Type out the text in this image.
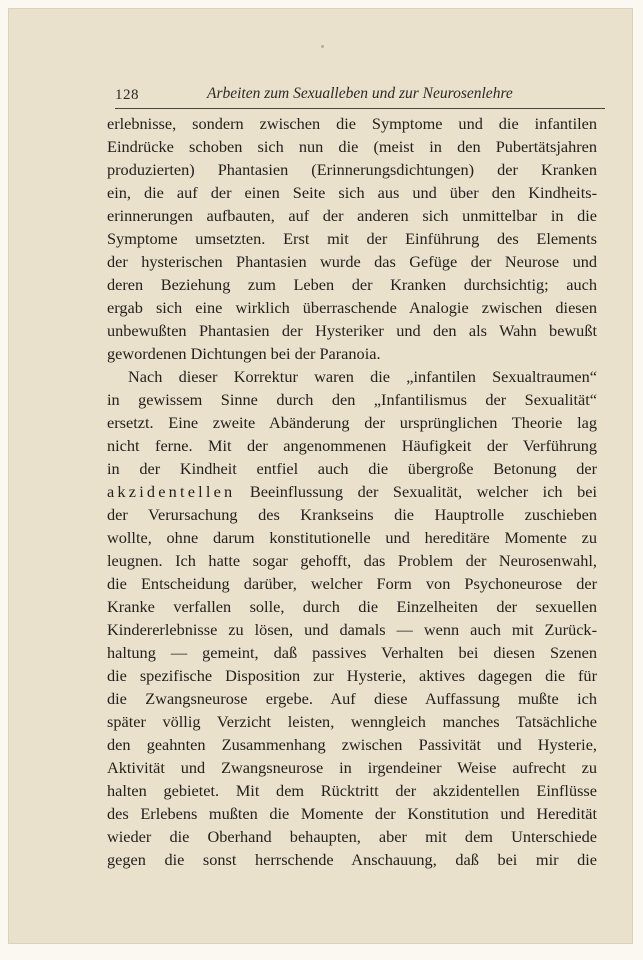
128	Arbeiten zum Sexualleben und zur Neurosenlehre
erlebnisse, sondern zwischen die Symptome und die infantilen
Eindrücke schoben sich nun die (meist in den Pubertätsjahren
produzierten) Phantasien (Erinnerungsdichtungen) der Kranken
ein, die auf der einen Seite sich aus und über den Kindheits-
erinnerungen aufbauten, auf der anderen sich unmittelbar in die
Symptome umsetzten. Erst mit der Einführung des Elements
der hysterischen Phantasien wurde das Gefüge der Neurose und
deren Beziehung zum Leben der Kranken durchsichtig; auch
ergab sich eine wirklich überraschende Analogie zwischen diesen
unbewußten Phantasien der Hysteriker und den als Wahn bewußt
gewordenen Dichtungen bei der Paranoia.
Nach dieser Korrektur waren die „infantilen Sexualtraumen“
in gewissem Sinne durch den „Infantilismus der Sexualität“
ersetzt. Eine zweite Abänderung der ursprünglichen Theorie lag
nicht ferne. Mit der angenommenen Häufigkeit der Verführung
in der Kindheit entfiel auch die übergroße Betonung der
akzidentellen Beeinflussung der Sexualität, welcher ich bei
der Verursachung des Krankseins die Hauptrolle zuschieben
wollte, ohne darum konstitutionelle und hereditäre Momente zu
leugnen. Ich hatte sogar gehofft, das Problem der Neurosenwahl,
die Entscheidung darüber, welcher Form von Psychoneurose der
Kranke verfallen solle, durch die Einzelheiten der sexuellen
Kindererlebnisse zu lösen, und damals — wenn auch mit Zurück-
haltung — gemeint, daß passives Verhalten bei diesen Szenen
die spezifische Disposition zur Hysterie, aktives dagegen die für
die Zwangsneurose ergebe. Auf diese Auffassung mußte ich
später völlig Verzicht leisten, wenngleich manches Tatsächliche
den geahnten Zusammenhang zwischen Passivität und Hysterie,
Aktivität und Zwangsneurose in irgendeiner Weise aufrecht zu
halten gebietet. Mit dem Rücktritt der akzidentellen Einflüsse
des Erlebens mußten die Momente der Konstitution und Heredität
wieder die Oberhand behaupten, aber mit dem Unterschiede
gegen die sonst herrschende Anschauung, daß bei mir die
